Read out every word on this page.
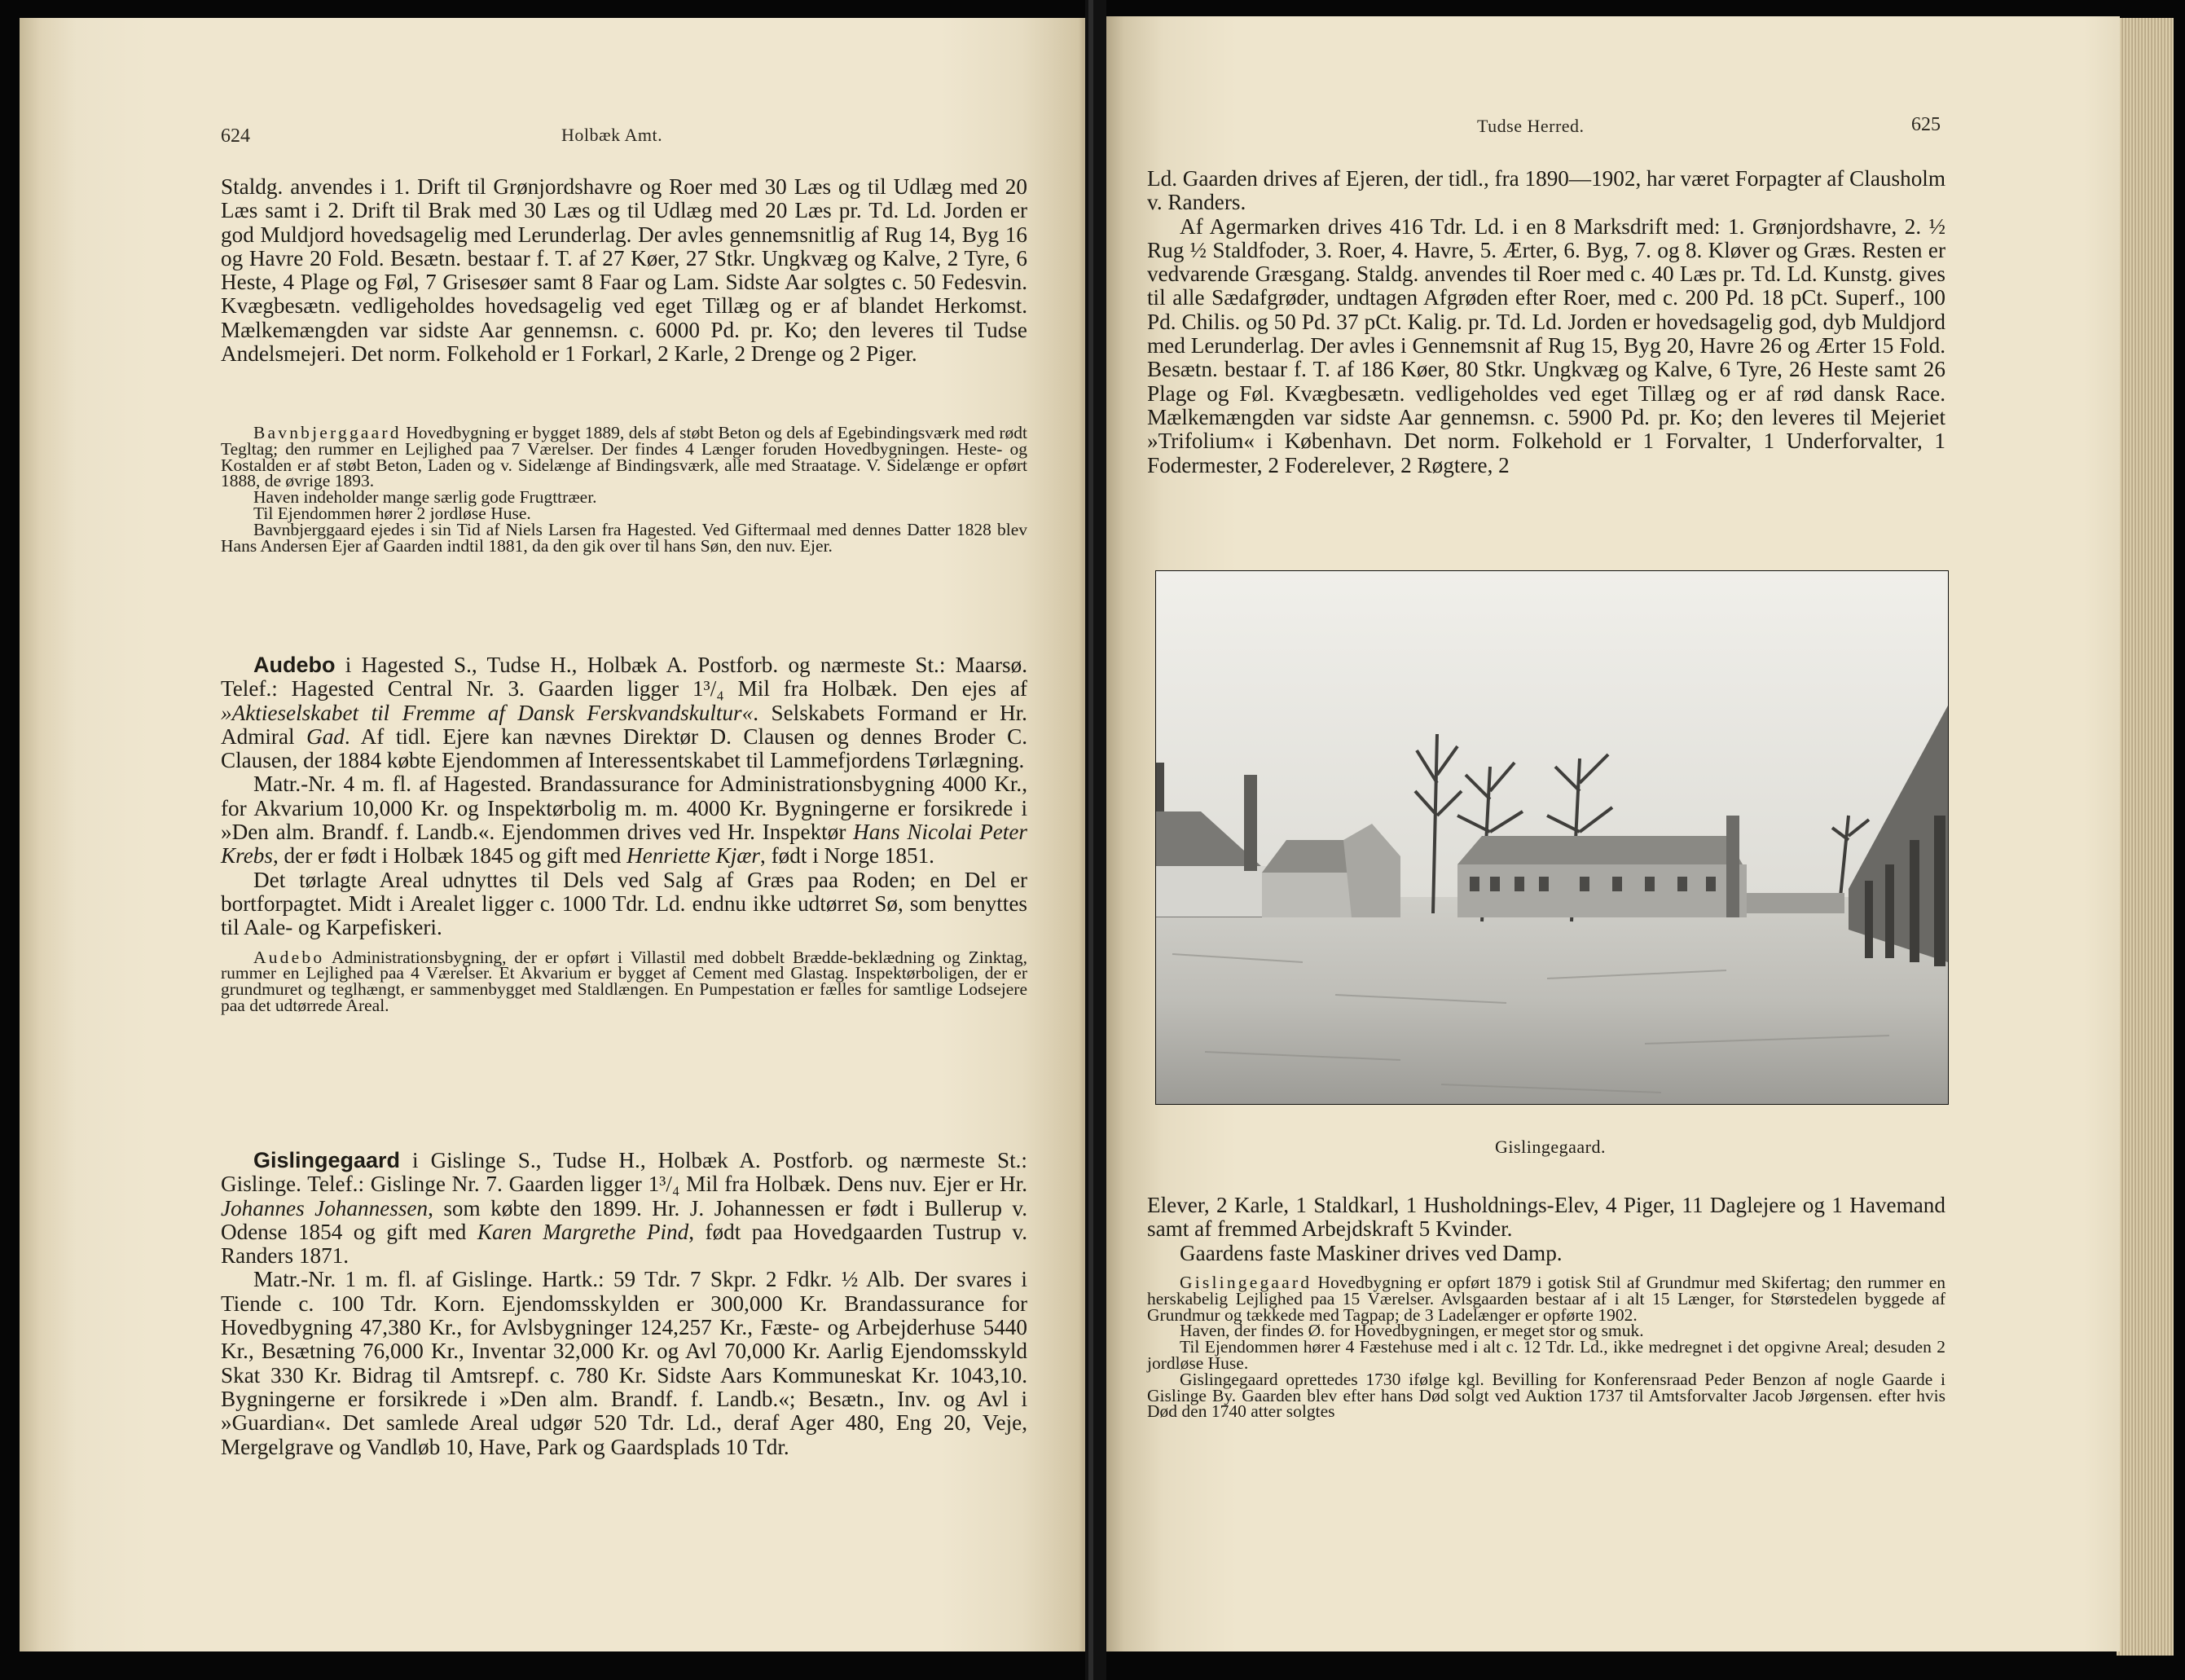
624	Holbæk Amt.

Staldg. anvendes i 1. Drift til Grønjordshavre og Roer med 30 Læs og til Udlæg med 20 Læs samt i 2. Drift til Brak med 30 Læs og til Udlæg med 20 Læs pr. Td. Ld. Jorden er god Muldjord hovedsagelig med Lerunderlag. Der avles gennemsnitlig af Rug 14, Byg 16 og Havre 20 Fold. Besætn. bestaar f. T. af 27 Køer, 27 Stkr. Ungkvæg og Kalve, 2 Tyre, 6 Heste, 4 Plage og Føl, 7 Grisesøer samt 8 Faar og Lam. Sidste Aar solgtes c. 50 Fedesvin. Kvægbesætn. vedligeholdes hovedsagelig ved eget Tillæg og er af blandet Herkomst. Mælkemængden var sidste Aar gennemsn. c. 6000 Pd. pr. Ko; den leveres til Tudse Andelsmejeri. Det norm. Folkehold er 1 Forkarl, 2 Karle, 2 Drenge og 2 Piger.

Bavnbjerggaard Hovedbygning er bygget 1889, dels af støbt Beton og dels af Egebindingsværk med rødt Tegltag; den rummer en Lejlighed paa 7 Værelser. Der findes 4 Længer foruden Hovedbygningen. Heste- og Kostalden er af støbt Beton, Laden og v. Sidelænge af Bindingsværk, alle med Straatage. V. Sidelænge er opført 1888, de øvrige 1893.

Haven indeholder mange særlig gode Frugttræer.

Til Ejendommen hører 2 jordløse Huse.

Bavnbjerggaard ejedes i sin Tid af Niels Larsen fra Hagested. Ved Giftermaal med dennes Datter 1828 blev Hans Andersen Ejer af Gaarden indtil 1881, da den gik over til hans Søn, den nuv. Ejer.

Audebo i Hagested S., Tudse H., Holbæk A. Postforb. og nærmeste St.: Maarsø. Telef.: Hagested Central Nr. 3. Gaarden ligger 1³/₄ Mil fra Holbæk. Den ejes af »Aktieselskabet til Fremme af Dansk Ferskvandskultur«. Selskabets Formand er Hr. Admiral Gad. Af tidl. Ejere kan nævnes Direktør D. Clausen og dennes Broder C. Clausen, der 1884 købte Ejendommen af Interessentskabet til Lammefjordens Tørlægning.

Matr.-Nr. 4 m. fl. af Hagested. Brandassurance for Administrationsbygning 4000 Kr., for Akvarium 10,000 Kr. og Inspektørbolig m. m. 4000 Kr. Bygningerne er forsikrede i »Den alm. Brandf. f. Landb.«. Ejendommen drives ved Hr. Inspektør Hans Nicolai Peter Krebs, der er født i Holbæk 1845 og gift med Henriette Kjær, født i Norge 1851.

Det tørlagte Areal udnyttes til Dels ved Salg af Græs paa Roden; en Del er bortforpagtet. Midt i Arealet ligger c. 1000 Tdr. Ld. endnu ikke udtørret Sø, som benyttes til Aale- og Karpefiskeri.

Audebo Administrationsbygning, der er opført i Villastil med dobbelt Brædde-beklædning og Zinktag, rummer en Lejlighed paa 4 Værelser. Et Akvarium er bygget af Cement med Glastag. Inspektørboligen, der er grundmuret og teglhængt, er sammenbygget med Staldlængen. En Pumpestation er fælles for samtlige Lodsejere paa det udtørrede Areal.

Gislingegaard i Gislinge S., Tudse H., Holbæk A. Postforb. og nærmeste St.: Gislinge. Telef.: Gislinge Nr. 7. Gaarden ligger 1³/₄ Mil fra Holbæk. Dens nuv. Ejer er Hr. Johannes Johannessen, som købte den 1899. Hr. J. Johannessen er født i Bullerup v. Odense 1854 og gift med Karen Margrethe Pind, født paa Hovedgaarden Tustrup v. Randers 1871.

Matr.-Nr. 1 m. fl. af Gislinge. Hartk.: 59 Tdr. 7 Skpr. 2 Fdkr. ½ Alb. Der svares i Tiende c. 100 Tdr. Korn. Ejendomsskylden er 300,000 Kr. Brandassurance for Hovedbygning 47,380 Kr., for Avlsbygninger 124,257 Kr., Fæste- og Arbejderhuse 5440 Kr., Besætning 76,000 Kr., Inventar 32,000 Kr. og Avl 70,000 Kr. Aarlig Ejendomsskyld Skat 330 Kr. Bidrag til Amtsrepf. c. 780 Kr. Sidste Aars Kommuneskat Kr. 1043,10. Bygningerne er forsikrede i »Den alm. Brandf. f. Landb.«; Besætn., Inv. og Avl i »Guardian«. Det samlede Areal udgør 520 Tdr. Ld., deraf Ager 480, Eng 20, Veje, Mergelgrave og Vandløb 10, Have, Park og Gaardsplads 10 Tdr.

Tudse Herred.	625

Ld. Gaarden drives af Ejeren, der tidl., fra 1890—1902, har været Forpagter af Clausholm v. Randers.

Af Agermarken drives 416 Tdr. Ld. i en 8 Marksdrift med: 1. Grønjordshavre, 2. ½ Rug ½ Staldfoder, 3. Roer, 4. Havre, 5. Ærter, 6. Byg, 7. og 8. Kløver og Græs. Resten er vedvarende Græsgang. Staldg. anvendes til Roer med c. 40 Læs pr. Td. Ld. Kunstg. gives til alle Sædafgrøder, undtagen Afgrøden efter Roer, med c. 200 Pd. 18 pCt. Superf., 100 Pd. Chilis. og 50 Pd. 37 pCt. Kalig. pr. Td. Ld. Jorden er hovedsagelig god, dyb Muldjord med Lerunderlag. Der avles i Gennemsnit af Rug 15, Byg 20, Havre 26 og Ærter 15 Fold. Besætn. bestaar f. T. af 186 Køer, 80 Stkr. Ungkvæg og Kalve, 6 Tyre, 26 Heste samt 26 Plage og Føl. Kvægbesætn. vedligeholdes ved eget Tillæg og er af rød dansk Race. Mælkemængden var sidste Aar gennemsn. c. 5900 Pd. pr. Ko; den leveres til Mejeriet »Trifolium« i København. Det norm. Folkehold er 1 Forvalter, 1 Underforvalter, 1 Fodermester, 2 Foderelever, 2 Røgtere, 2

Gislingegaard.

Elever, 2 Karle, 1 Staldkarl, 1 Husholdnings-Elev, 4 Piger, 11 Daglejere og 1 Havemand samt af fremmed Arbejdskraft 5 Kvinder.

Gaardens faste Maskiner drives ved Damp.

Gislingegaard Hovedbygning er opført 1879 i gotisk Stil af Grundmur med Skifertag; den rummer en herskabelig Lejlighed paa 15 Værelser. Avlsgaarden bestaar af i alt 15 Længer, for Størstedelen byggede af Grundmur og tækkede med Tagpap; de 3 Ladelænger er opførte 1902.

Haven, der findes Ø. for Hovedbygningen, er meget stor og smuk.

Til Ejendommen hører 4 Fæstehuse med i alt c. 12 Tdr. Ld., ikke medregnet i det opgivne Areal; desuden 2 jordløse Huse.

Gislingegaard oprettedes 1730 ifølge kgl. Bevilling for Konferensraad Peder Benzon af nogle Gaarde i Gislinge By. Gaarden blev efter hans Død solgt ved Auktion 1737 til Amtsforvalter Jacob Jørgensen. efter hvis Død den 1740 atter solgtes
